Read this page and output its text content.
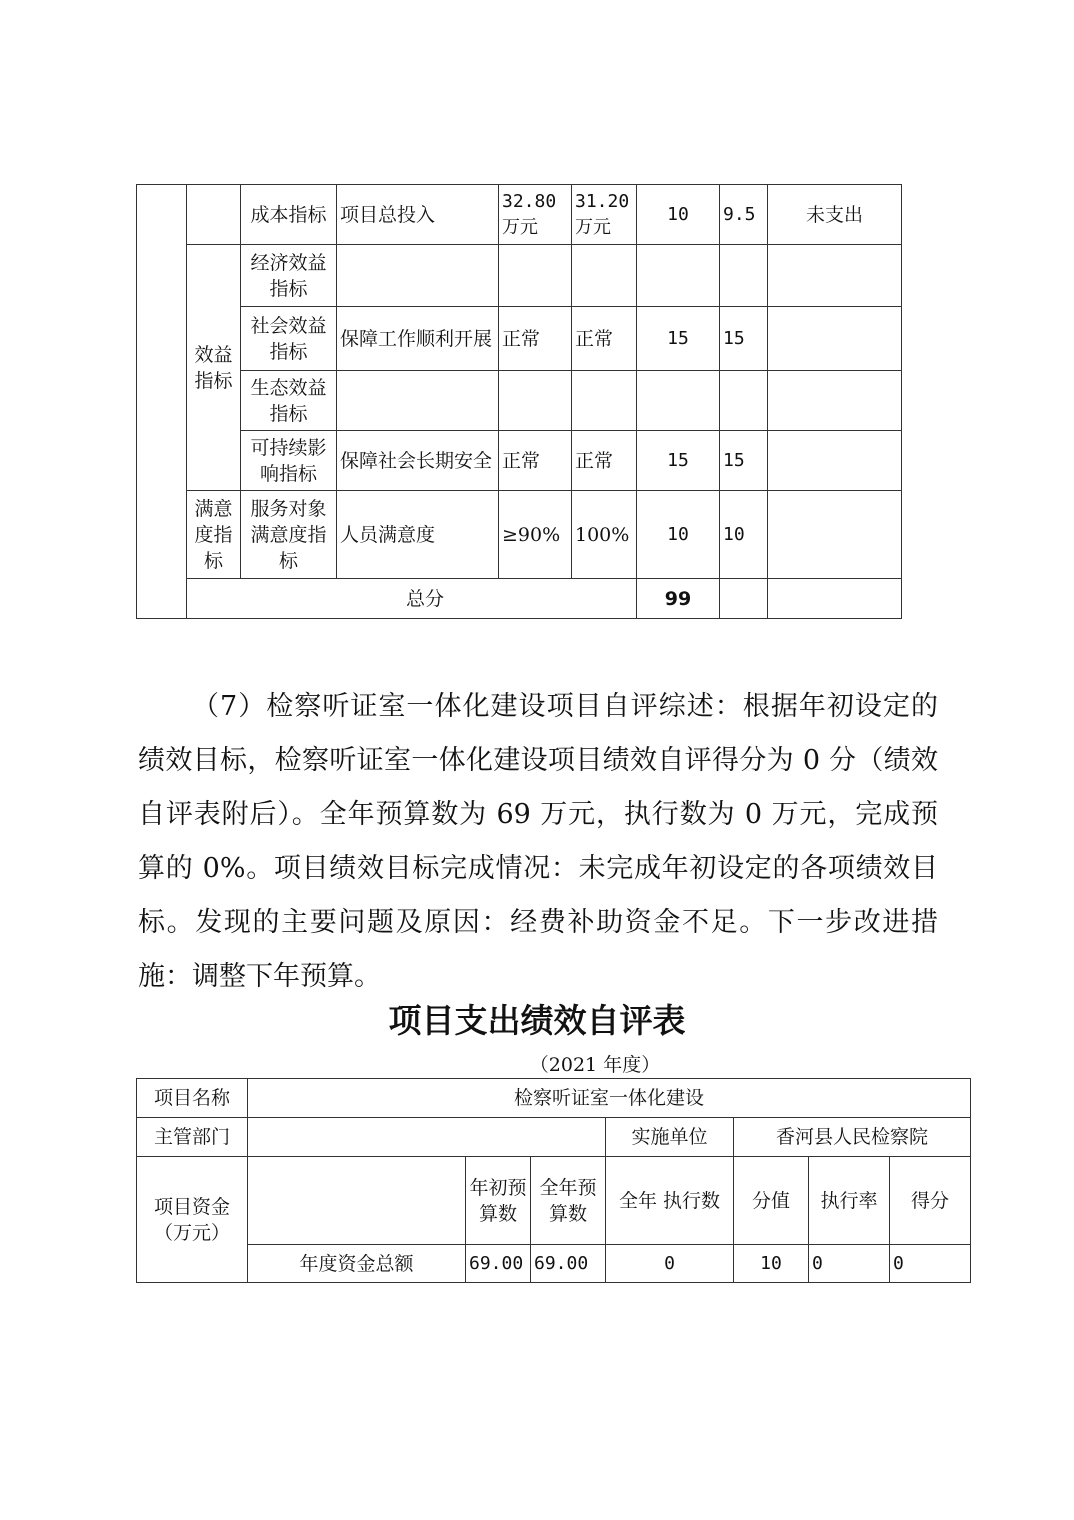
		成本指标	项目总投入	32.80万元	31.20万元	10	9.5	未支出
	效益指标	经济效益指标						
		社会效益指标	保障工作顺利开展	正常	正常	15	15	
		生态效益指标						
		可持续影响指标	保障社会长期安全	正常	正常	15	15	
	满意度指标	服务对象满意度指标	人员满意度	≥90%	100%	10	10	
	总分					99		

（7）检察听证室一体化建设项目自评综述：根据年初设定的绩效目标，检察听证室一体化建设项目绩效自评得分为 0 分（绩效自评表附后）。全年预算数为 69 万元，执行数为 0 万元，完成预算的 0%。项目绩效目标完成情况：未完成年初设定的各项绩效目标。发现的主要问题及原因：经费补助资金不足。下一步改进措施：调整下年预算。

项目支出绩效自评表
（2021 年度）
项目名称	检察听证室一体化建设						
主管部门				实施单位	香河县人民检察院		
项目资金（万元）		年初预算数	全年预算数	全年 执行数	分值	执行率	得分
	年度资金总额	69.00	69.00	0	10	0	0
